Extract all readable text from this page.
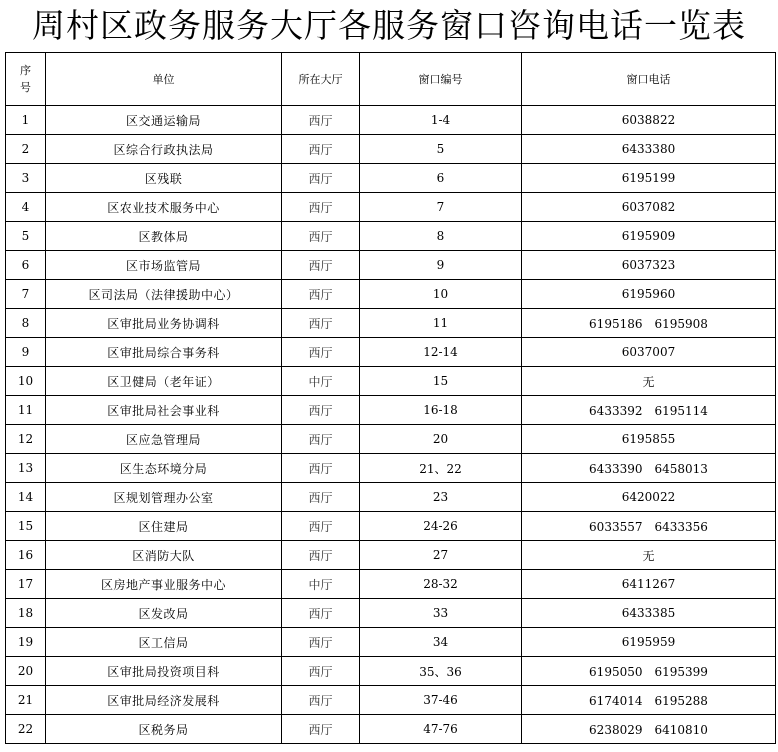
周村区政务服务大厅各服务窗口咨询电话一览表
序
号	单位	所在大厅	窗口编号	窗口电话
1	区交通运输局	西厅	1-4	6038822
2	区综合行政执法局	西厅	5	6433380
3	区残联	西厅	6	6195199
4	区农业技术服务中心	西厅	7	6037082
5	区教体局	西厅	8	6195909
6	区市场监管局	西厅	9	6037323
7	区司法局（法律援助中心）	西厅	10	6195960
8	区审批局业务协调科	西厅	11	6195186　6195908
9	区审批局综合事务科	西厅	12-14	6037007
10	区卫健局（老年证）	中厅	15	无
11	区审批局社会事业科	西厅	16-18	6433392　6195114
12	区应急管理局	西厅	20	6195855
13	区生态环境分局	西厅	21、22	6433390　6458013
14	区规划管理办公室	西厅	23	6420022
15	区住建局	西厅	24-26	6033557　6433356
16	区消防大队	西厅	27	无
17	区房地产事业服务中心	中厅	28-32	6411267
18	区发改局	西厅	33	6433385
19	区工信局	西厅	34	6195959
20	区审批局投资项目科	西厅	35、36	6195050　6195399
21	区审批局经济发展科	西厅	37-46	6174014　6195288
22	区税务局	西厅	47-76	6238029　6410810
